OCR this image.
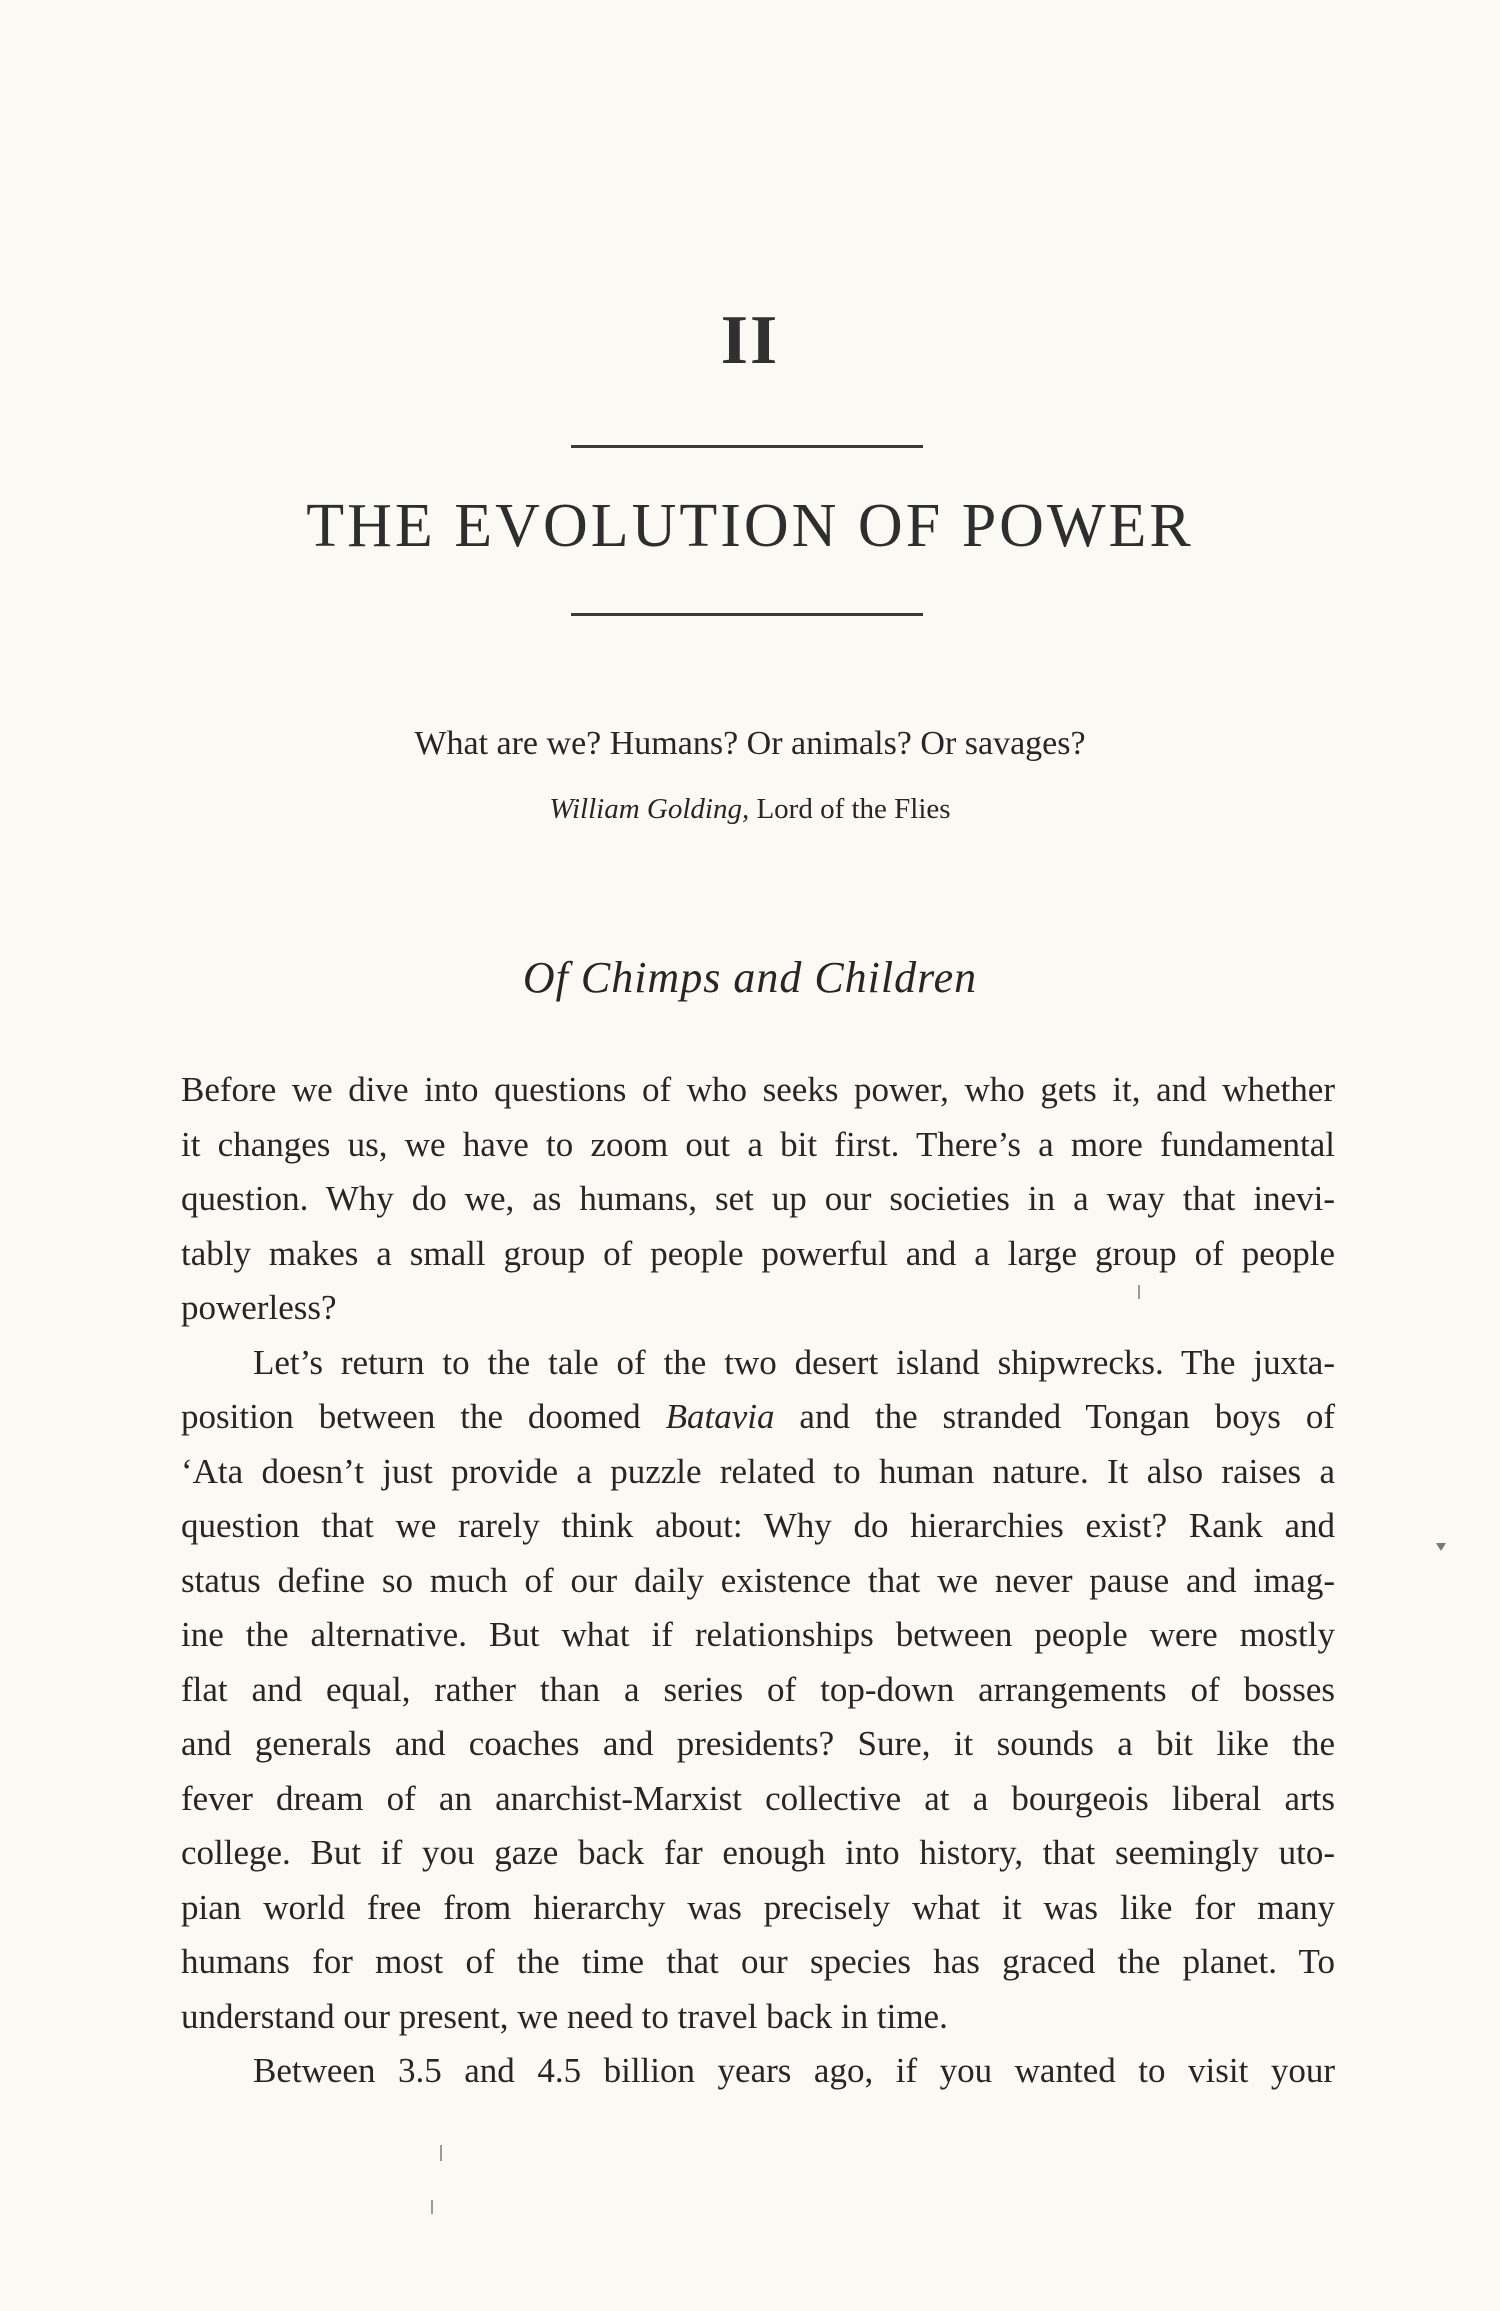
II
THE EVOLUTION OF POWER
What are we? Humans? Or animals? Or savages?
William Golding, Lord of the Flies
Of Chimps and Children
Before we dive into questions of who seeks power, who gets it, and whether
it changes us, we have to zoom out a bit first. There’s a more fundamental
question. Why do we, as humans, set up our societies in a way that inevi-
tably makes a small group of people powerful and a large group of people
powerless?
Let’s return to the tale of the two desert island shipwrecks. The juxta-
position between the doomed Batavia and the stranded Tongan boys of
‘Ata doesn’t just provide a puzzle related to human nature. It also raises a
question that we rarely think about: Why do hierarchies exist? Rank and
status define so much of our daily existence that we never pause and imag-
ine the alternative. But what if relationships between people were mostly
flat and equal, rather than a series of top-down arrangements of bosses
and generals and coaches and presidents? Sure, it sounds a bit like the
fever dream of an anarchist-Marxist collective at a bourgeois liberal arts
college. But if you gaze back far enough into history, that seemingly uto-
pian world free from hierarchy was precisely what it was like for many
humans for most of the time that our species has graced the planet. To
understand our present, we need to travel back in time.
Between 3.5 and 4.5 billion years ago, if you wanted to visit your
